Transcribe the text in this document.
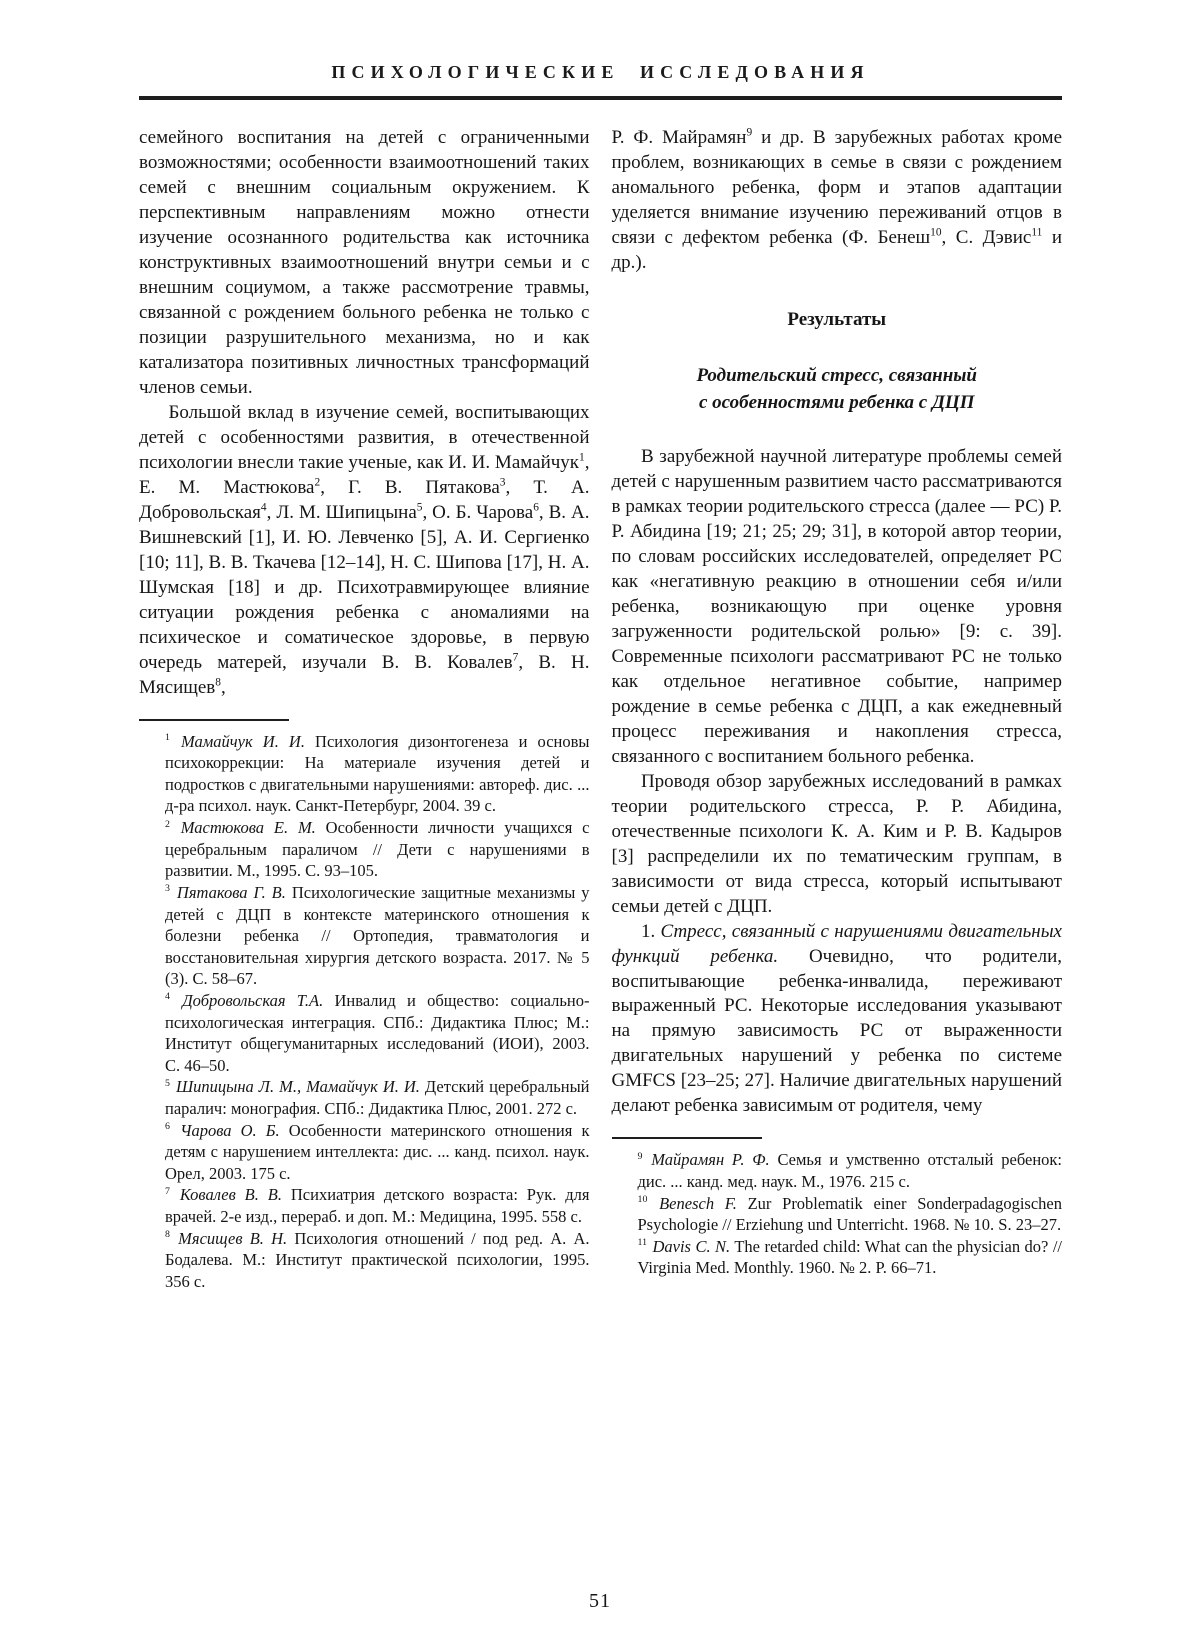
ПСИХОЛОГИЧЕСКИЕ ИССЛЕДОВАНИЯ

семейного воспитания на детей с ограниченными возможностями; особенности взаимоотношений таких семей с внешним социальным окружением. К перспективным направлениям можно отнести изучение осознанного родительства как источника конструктивных взаимоотношений внутри семьи и с внешним социумом, а также рассмотрение травмы, связанной с рождением больного ребенка не только с позиции разрушительного механизма, но и как катализатора позитивных личностных трансформаций членов семьи.

Большой вклад в изучение семей, воспитывающих детей с особенностями развития, в отечественной психологии внесли такие ученые, как И. И. Мамайчук$^1$, Е. М. Мастюкова$^2$, Г. В. Пятакова$^3$, Т. А. Добровольская$^4$, Л. М. Шипицына$^5$, О. Б. Чарова$^6$, В. А. Вишневский [1], И. Ю. Левченко [5], А. И. Сергиенко [10; 11], В. В. Ткачева [12–14], Н. С. Шипова [17], Н. А. Шумская [18] и др. Психотравмирующее влияние ситуации рождения ребенка с аномалиями на психическое и соматическое здоровье, в первую очередь матерей, изучали В. В. Ковалев$^7$, В. Н. Мясищев$^8$,

$^1$ Мамайчук И. И. Психология дизонтогенеза и основы психокоррекции: На материале изучения детей и подростков с двигательными нарушениями: автореф. дис. ... д-ра психол. наук. Санкт-Петербург, 2004. 39 с.

$^2$ Мастюкова Е. М. Особенности личности учащихся с церебральным параличом // Дети с нарушениями в развитии. М., 1995. С. 93–105.

$^3$ Пятакова Г. В. Психологические защитные механизмы у детей с ДЦП в контексте материнского отношения к болезни ребенка // Ортопедия, травматология и восстановительная хирургия детского возраста. 2017. № 5 (3). С. 58–67.

$^4$ Добровольская Т.А. Инвалид и общество: социально-психологическая интеграция. СПб.: Дидактика Плюс; М.: Институт общегуманитарных исследований (ИОИ), 2003. С. 46–50.

$^5$ Шипицына Л. М., Мамайчук И. И. Детский церебральный паралич: монография. СПб.: Дидактика Плюс, 2001. 272 с.

$^6$ Чарова О. Б. Особенности материнского отношения к детям с нарушением интеллекта: дис. ... канд. психол. наук. Орел, 2003. 175 с.

$^7$ Ковалев В. В. Психиатрия детского возраста: Рук. для врачей. 2-е изд., перераб. и доп. М.: Медицина, 1995. 558 с.

$^8$ Мясищев В. Н. Психология отношений / под ред. А. А. Бодалева. М.: Институт практической психологии, 1995. 356 с.

Р. Ф. Майрамян$^9$ и др. В зарубежных работах кроме проблем, возникающих в семье в связи с рождением аномального ребенка, форм и этапов адаптации уделяется внимание изучению переживаний отцов в связи с дефектом ребенка (Ф. Бенеш$^{10}$, С. Дэвис$^{11}$ и др.).

Результаты
Родительский стресс, связанный
с особенностями ребенка с ДЦП

В зарубежной научной литературе проблемы семей детей с нарушенным развитием часто рассматриваются в рамках теории родительского стресса (далее — РС) Р. Р. Абидина [19; 21; 25; 29; 31], в которой автор теории, по словам российских исследователей, определяет РС как «негативную реакцию в отношении себя и/или ребенка, возникающую при оценке уровня загруженности родительской ролью» [9: с. 39]. Современные психологи рассматривают РС не только как отдельное негативное событие, например рождение в семье ребенка с ДЦП, а как ежедневный процесс переживания и накопления стресса, связанного с воспитанием больного ребенка.

Проводя обзор зарубежных исследований в рамках теории родительского стресса, Р. Р. Абидина, отечественные психологи К. А. Ким и Р. В. Кадыров [3] распределили их по тематическим группам, в зависимости от вида стресса, который испытывают семьи детей с ДЦП.

1. Стресс, связанный с нарушениями двигательных функций ребенка. Очевидно, что родители, воспитывающие ребенка-инвалида, переживают выраженный РС. Некоторые исследования указывают на прямую зависимость РС от выраженности двигательных нарушений у ребенка по системе GMFCS [23–25; 27]. Наличие двигательных нарушений делают ребенка зависимым от родителя, чему

$^9$ Майрамян Р. Ф. Семья и умственно отсталый ребенок: дис. ... канд. мед. наук. М., 1976. 215 с.

$^{10}$ Benesch F. Zur Problematik einer Sonderpadagogischen Psychologie // Erziehung und Unterricht. 1968. № 10. S. 23–27.

$^{11}$ Davis C. N. The retarded child: What can the physician do? // Virginia Med. Monthly. 1960. № 2. P. 66–71.

51
